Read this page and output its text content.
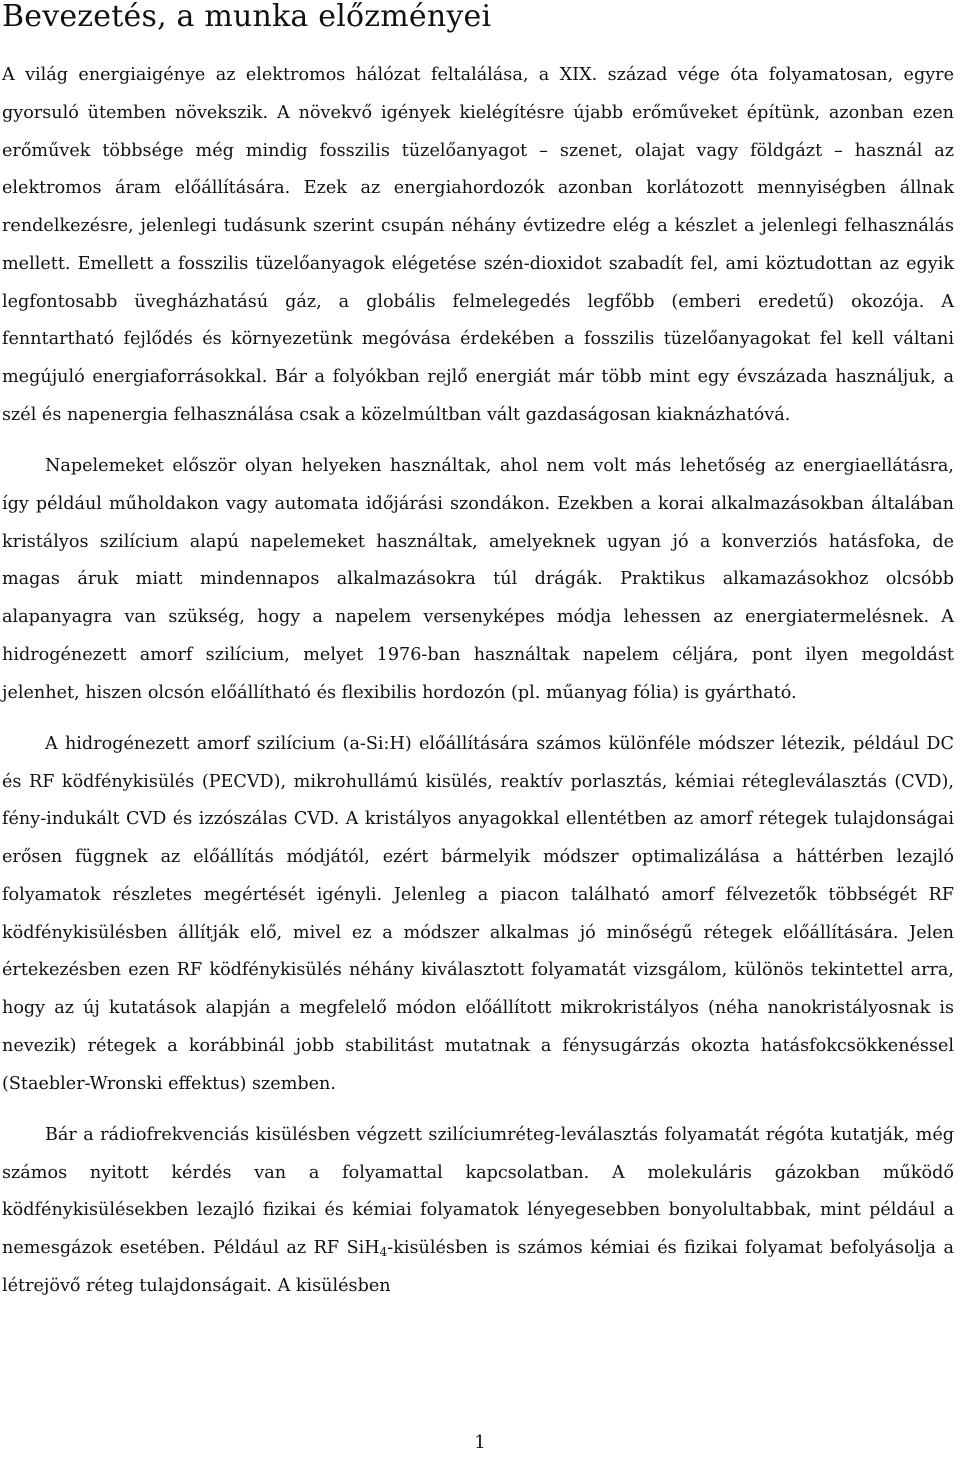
Bevezetés, a munka előzményei

A világ energiaigénye az elektromos hálózat feltalálása, a XIX. század vége óta folyamatosan, egyre gyorsuló ütemben növekszik. A növekvő igények kielégítésre újabb erőműveket építünk, azonban ezen erőművek többsége még mindig fosszilis tüzelőanyagot – szenet, olajat vagy földgázt – használ az elektromos áram előállítására. Ezek az energiahordozók azonban korlátozott mennyiségben állnak rendelkezésre, jelenlegi tudásunk szerint csupán néhány évtizedre elég a készlet a jelenlegi felhasználás mellett. Emellett a fosszilis tüzelőanyagok elégetése szén-dioxidot szabadít fel, ami köztudottan az egyik legfontosabb üvegházhatású gáz, a globális felmelegedés legfőbb (emberi eredetű) okozója. A fenntartható fejlődés és környezetünk megóvása érdekében a fosszilis tüzelőanyagokat fel kell váltani megújuló energiaforrásokkal. Bár a folyókban rejlő energiát már több mint egy évszázada használjuk, a szél és napenergia felhasználása csak a közelmúltban vált gazdaságosan kiaknázhatóvá.

Napelemeket először olyan helyeken használtak, ahol nem volt más lehetőség az energiaellátásra, így például műholdakon vagy automata időjárási szondákon. Ezekben a korai alkalmazásokban általában kristályos szilícium alapú napelemeket használtak, amelyeknek ugyan jó a konverziós hatásfoka, de magas áruk miatt mindennapos alkalmazásokra túl drágák. Praktikus alkamazásokhoz olcsóbb alapanyagra van szükség, hogy a napelem versenyképes módja lehessen az energiatermelésnek. A hidrogénezett amorf szilícium, melyet 1976-ban használtak napelem céljára, pont ilyen megoldást jelenhet, hiszen olcsón előállítható és flexibilis hordozón (pl. műanyag fólia) is gyártható.

A hidrogénezett amorf szilícium (a-Si:H) előállítására számos különféle módszer létezik, például DC és RF ködfénykisülés (PECVD), mikrohullámú kisülés, reaktív porlasztás, kémiai rétegleválasztás (CVD), fény-indukált CVD és izzószálas CVD. A kristályos anyagokkal ellentétben az amorf rétegek tulajdonságai erősen függnek az előállítás módjától, ezért bármelyik módszer optimalizálása a háttérben lezajló folyamatok részletes megértését igényli. Jelenleg a piacon található amorf félvezetők többségét RF ködfénykisülésben állítják elő, mivel ez a módszer alkalmas jó minőségű rétegek előállítására. Jelen értekezésben ezen RF ködfénykisülés néhány kiválasztott folyamatát vizsgálom, különös tekintettel arra, hogy az új kutatások alapján a megfelelő módon előállított mikrokristályos (néha nanokristályosnak is nevezik) rétegek a korábbinál jobb stabilitást mutatnak a fénysugárzás okozta hatásfokcsökkenéssel (Staebler-Wronski effektus) szemben.

Bár a rádiofrekvenciás kisülésben végzett szilíciumréteg-leválasztás folyamatát régóta kutatják, még számos nyitott kérdés van a folyamattal kapcsolatban. A molekuláris gázokban működő ködfénykisülésekben lezajló fizikai és kémiai folyamatok lényegesebben bonyolultabbak, mint például a nemesgázok esetében. Például az RF SiH$_4$-kisülésben is számos kémiai és fizikai folyamat befolyásolja a létrejövő réteg tulajdonságait. A kisülésben

1
